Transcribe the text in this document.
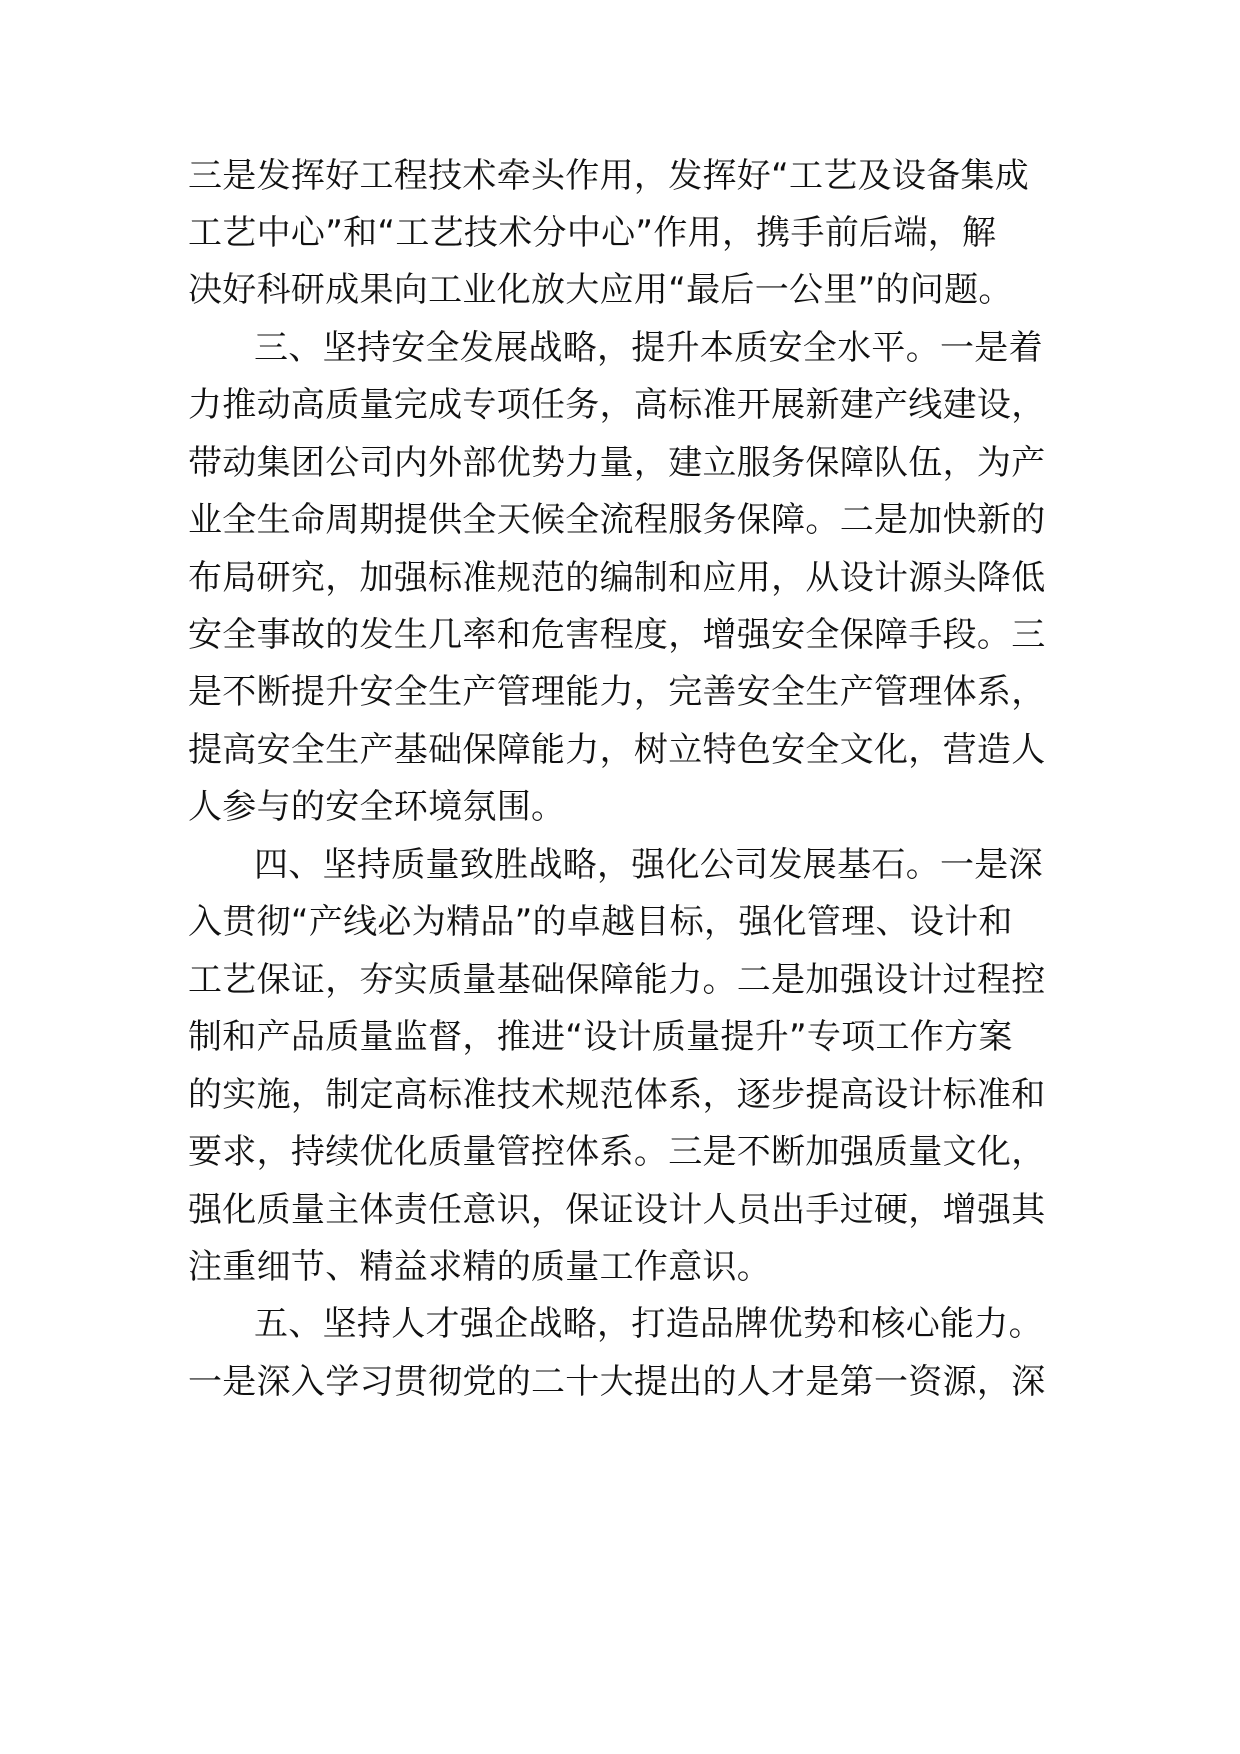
三是发挥好工程技术牵头作用，发挥好“工艺及设备集成
工艺中心”和“工艺技术分中心”作用，携手前后端，解
决好科研成果向工业化放大应用“最后一公里”的问题。
三、坚持安全发展战略，提升本质安全水平。一是着
力推动高质量完成专项任务，高标准开展新建产线建设，
带动集团公司内外部优势力量，建立服务保障队伍，为产
业全生命周期提供全天候全流程服务保障。二是加快新的
布局研究，加强标准规范的编制和应用，从设计源头降低
安全事故的发生几率和危害程度，增强安全保障手段。三
是不断提升安全生产管理能力，完善安全生产管理体系，
提高安全生产基础保障能力，树立特色安全文化，营造人
人参与的安全环境氛围。
四、坚持质量致胜战略，强化公司发展基石。一是深
入贯彻“产线必为精品”的卓越目标，强化管理、设计和
工艺保证，夯实质量基础保障能力。二是加强设计过程控
制和产品质量监督，推进“设计质量提升”专项工作方案
的实施，制定高标准技术规范体系，逐步提高设计标准和
要求，持续优化质量管控体系。三是不断加强质量文化，
强化质量主体责任意识，保证设计人员出手过硬，增强其
注重细节、精益求精的质量工作意识。
五、坚持人才强企战略，打造品牌优势和核心能力。
一是深入学习贯彻党的二十大提出的人才是第一资源，深
